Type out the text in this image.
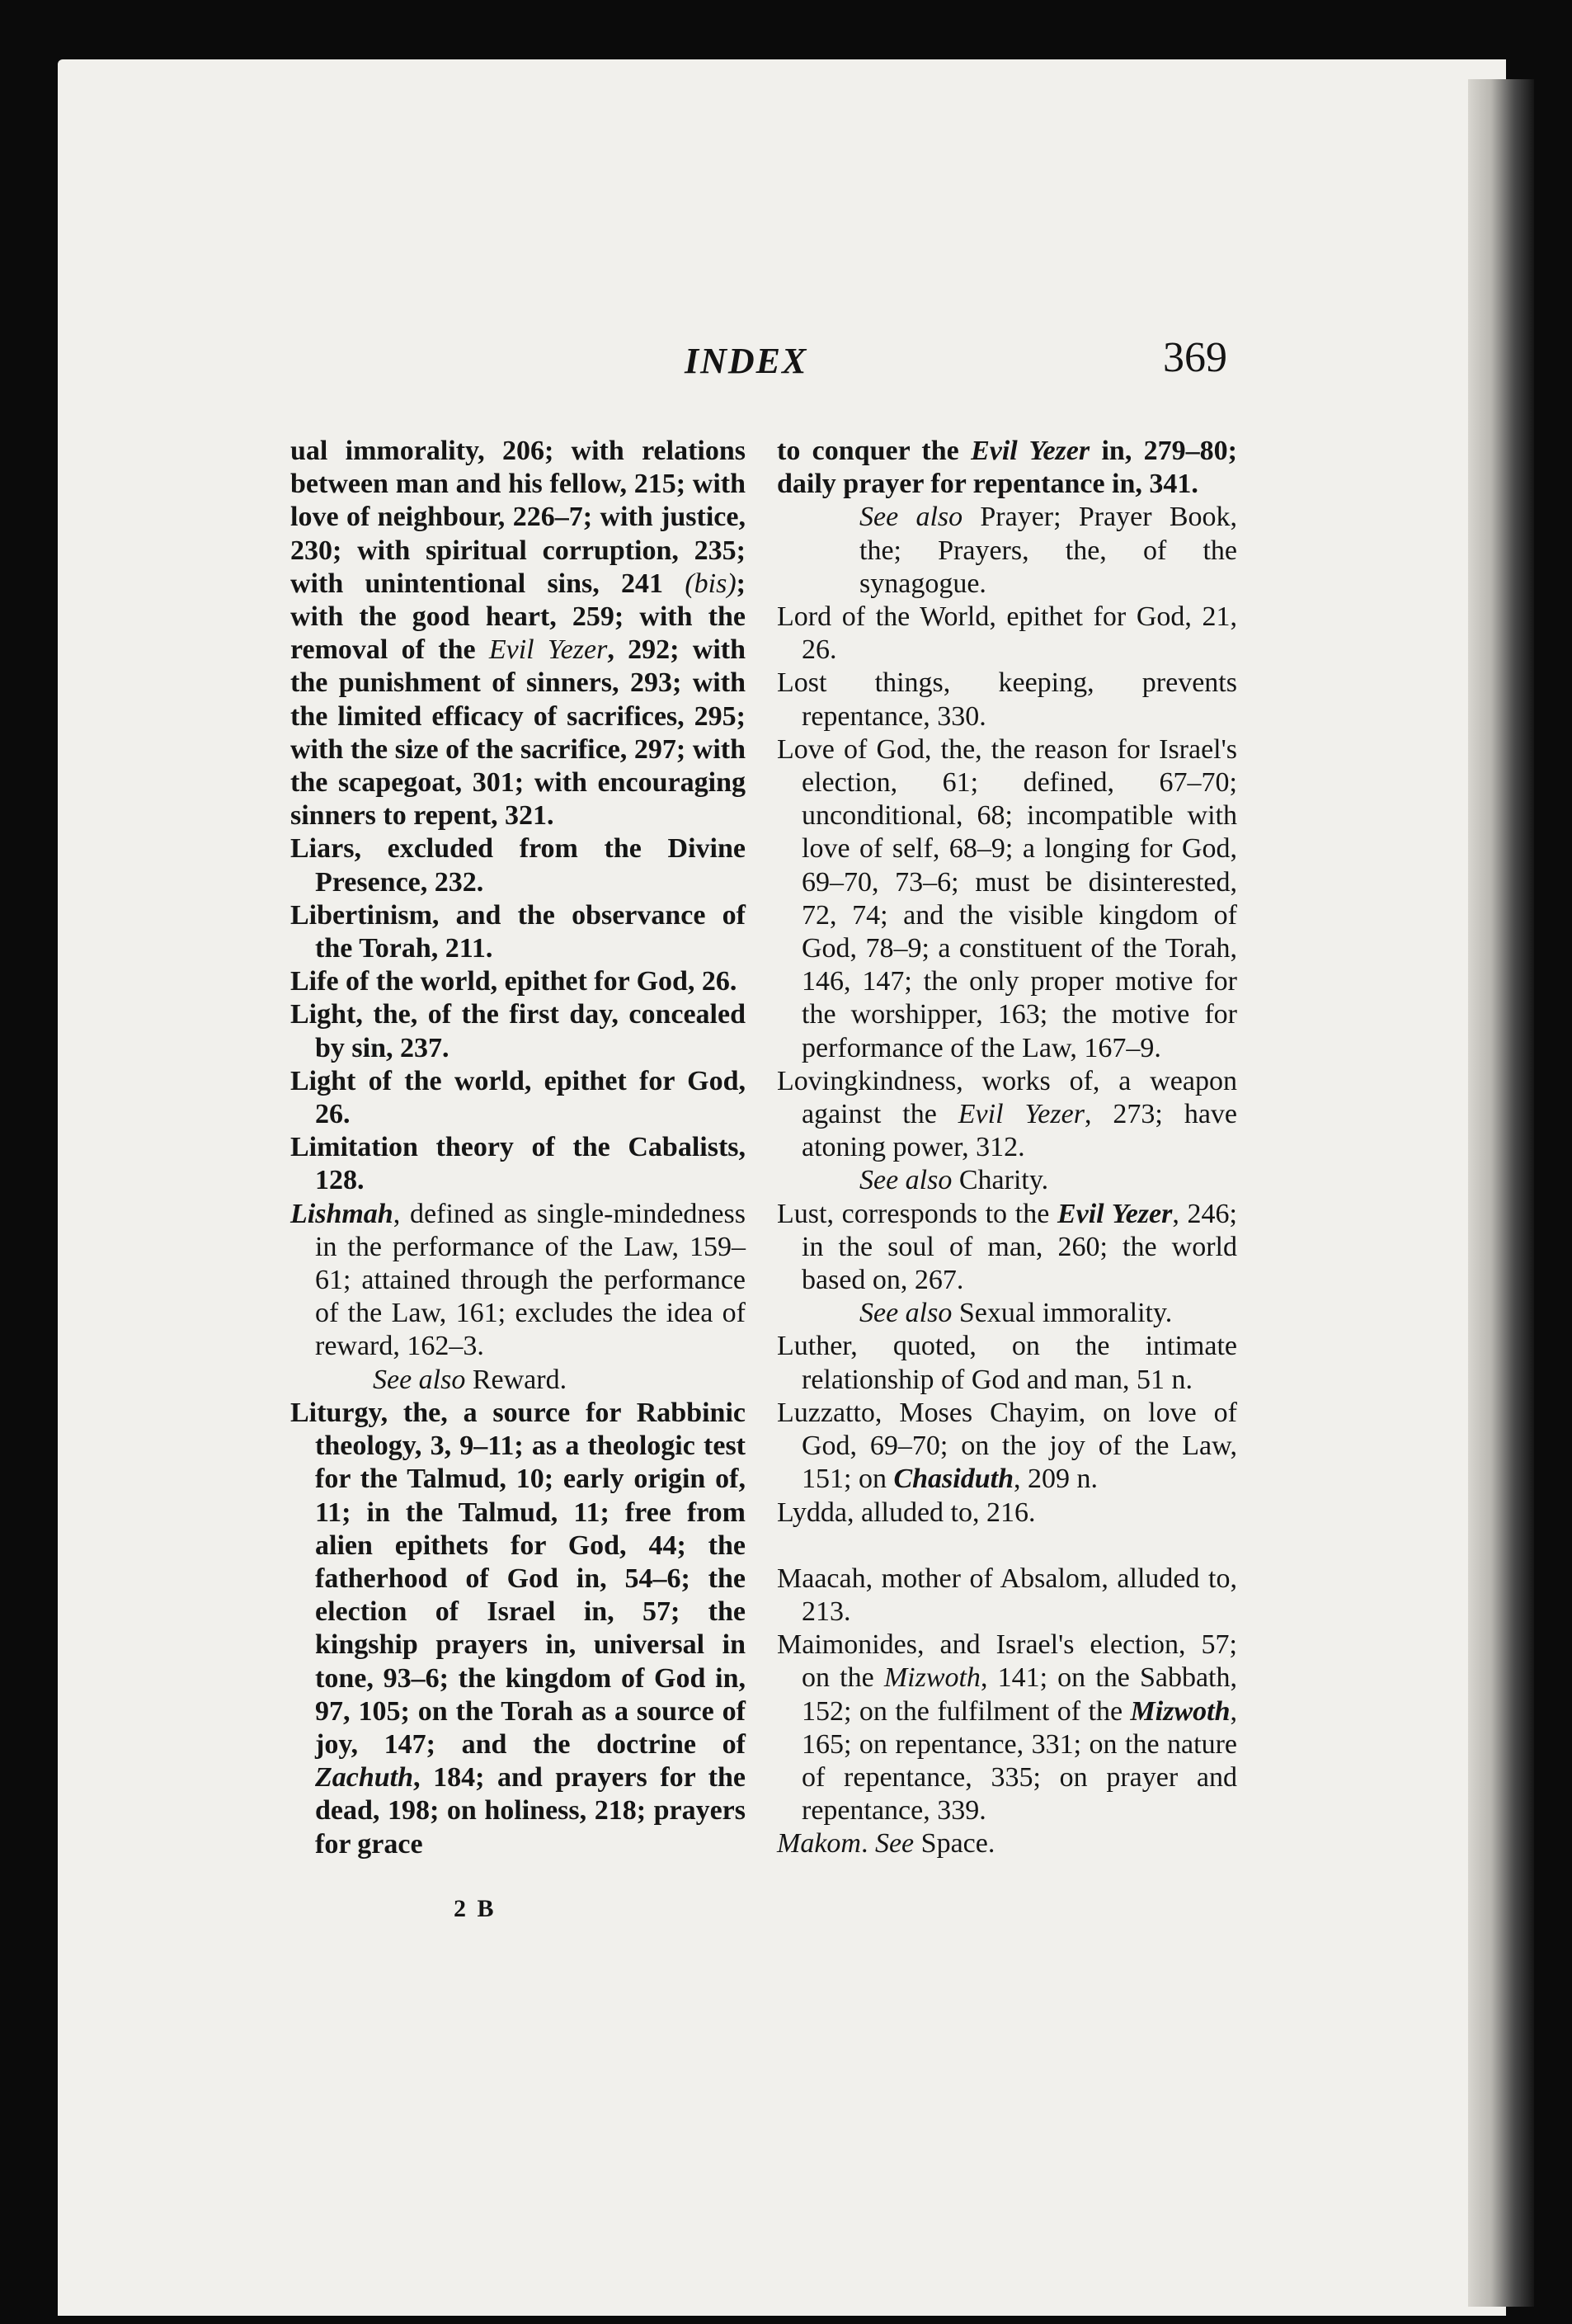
INDEX	369
ual immorality, 206; with relations between man and his fellow, 215; with love of neighbour, 226–7; with justice, 230; with spiritual corruption, 235; with unintentional sins, 241 (bis); with the good heart, 259; with the removal of the Evil Yezer, 292; with the punishment of sinners, 293; with the limited efficacy of sacrifices, 295; with the size of the sacrifice, 297; with the scapegoat, 301; with encouraging sinners to repent, 321.
Liars, excluded from the Divine Presence, 232.
Libertinism, and the observance of the Torah, 211.
Life of the world, epithet for God, 26.
Light, the, of the first day, concealed by sin, 237.
Light of the world, epithet for God, 26.
Limitation theory of the Cabalists, 128.
Lishmah, defined as single-mindedness in the performance of the Law, 159–61; attained through the performance of the Law, 161; excludes the idea of reward, 162–3.
See also Reward.
Liturgy, the, a source for Rabbinic theology, 3, 9–11; as a theologic test for the Talmud, 10; early origin of, 11; in the Talmud, 11; free from alien epithets for God, 44; the fatherhood of God in, 54–6; the election of Israel in, 57; the kingship prayers in, universal in tone, 93–6; the kingdom of God in, 97, 105; on the Torah as a source of joy, 147; and the doctrine of Zachuth, 184; and prayers for the dead, 198; on holiness, 218; prayers for grace
to conquer the Evil Yezer in, 279–80; daily prayer for repentance in, 341.
See also Prayer; Prayer Book, the; Prayers, the, of the synagogue.
Lord of the World, epithet for God, 21, 26.
Lost things, keeping, prevents repentance, 330.
Love of God, the, the reason for Israel's election, 61; defined, 67–70; unconditional, 68; incompatible with love of self, 68–9; a longing for God, 69–70, 73–6; must be disinterested, 72, 74; and the visible kingdom of God, 78–9; a constituent of the Torah, 146, 147; the only proper motive for the worshipper, 163; the motive for performance of the Law, 167–9.
Lovingkindness, works of, a weapon against the Evil Yezer, 273; have atoning power, 312.
See also Charity.
Lust, corresponds to the Evil Yezer, 246; in the soul of man, 260; the world based on, 267.
See also Sexual immorality.
Luther, quoted, on the intimate relationship of God and man, 51 n.
Luzzatto, Moses Chayim, on love of God, 69–70; on the joy of the Law, 151; on Chasiduth, 209 n.
Lydda, alluded to, 216.
Maacah, mother of Absalom, alluded to, 213.
Maimonides, and Israel's election, 57; on the Mizwoth, 141; on the Sabbath, 152; on the fulfilment of the Mizwoth, 165; on repentance, 331; on the nature of repentance, 335; on prayer and repentance, 339.
Makom. See Space.
2 B
